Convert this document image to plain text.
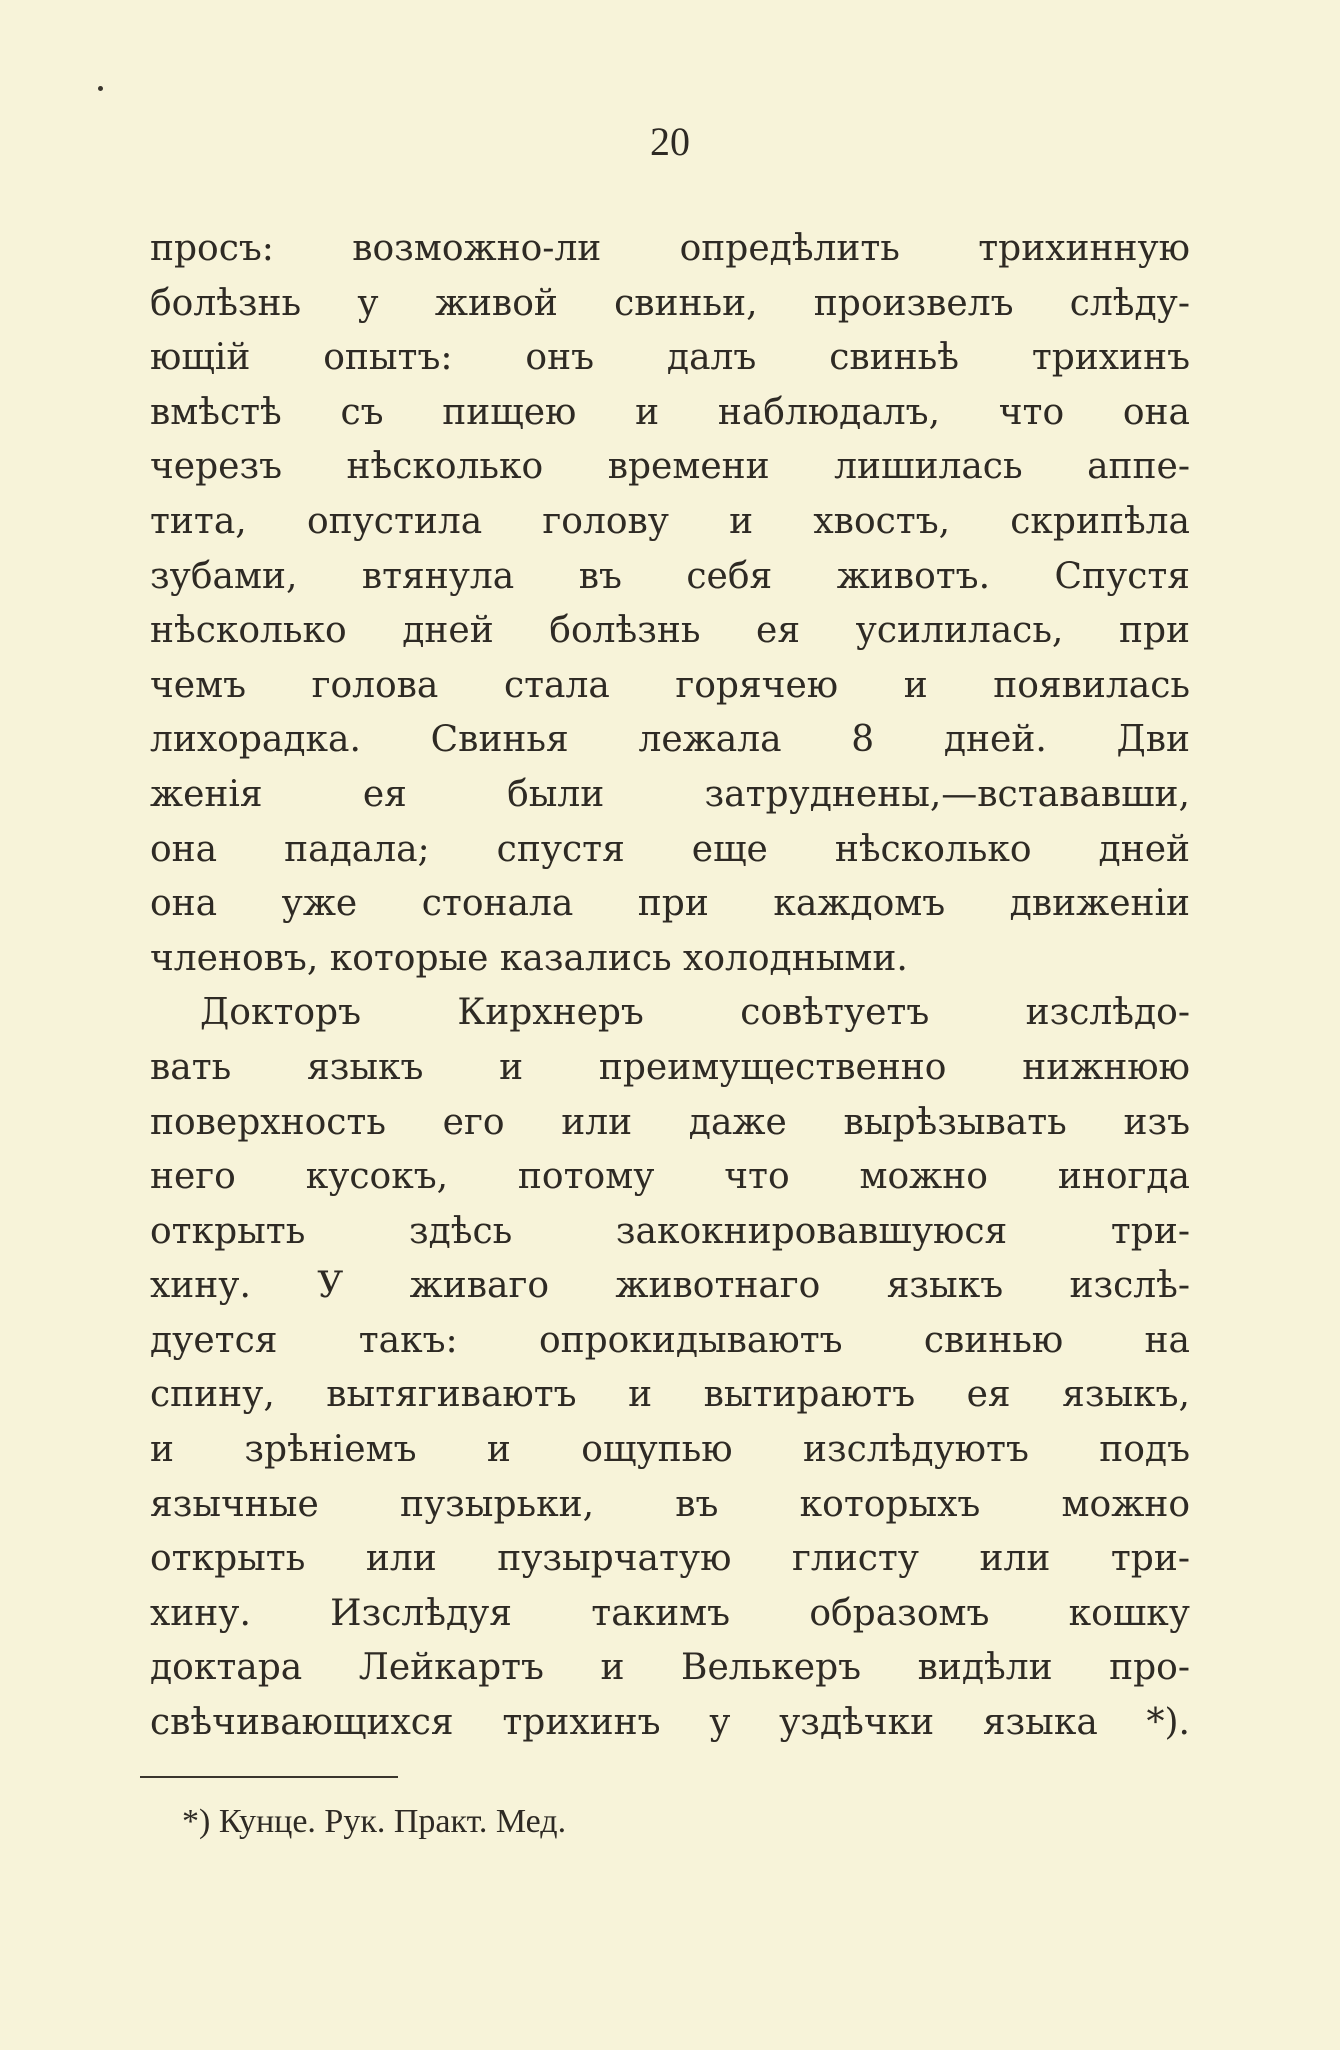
20
просъ: возможно-ли опредѣлить трихинную
болѣзнь у живой свиньи, произвелъ слѣду-
ющій опытъ: онъ далъ свиньѣ трихинъ
вмѣстѣ съ пищею и наблюдалъ, что она
черезъ нѣсколько времени лишилась аппе-
тита, опустила голову и хвостъ, скрипѣла
зубами, втянула въ себя животъ. Спустя
нѣсколько дней болѣзнь ея усилилась, при
чемъ голова стала горячею и появилась
лихорадка. Свинья лежала 8 дней. Дви
женія ея были затруднены,—встававши,
она падала; спустя еще нѣсколько дней
она уже стонала при каждомъ движеніи
членовъ, которые казались холодными.
Докторъ Кирхнеръ совѣтуетъ изслѣдо-
вать языкъ и преимущественно нижнюю
поверхность его или даже вырѣзывать изъ
него кусокъ, потому что можно иногда
открыть здѣсь закокнировавшуюся три-
хину. У живаго животнаго языкъ изслѣ-
дуется такъ: опрокидываютъ свинью на
спину, вытягиваютъ и вытираютъ ея языкъ,
и зрѣніемъ и ощупью изслѣдуютъ подъ
язычные пузырьки, въ которыхъ можно
открыть или пузырчатую глисту или три-
хину. Изслѣдуя такимъ образомъ кошку
доктара Лейкартъ и Велькеръ видѣли про-
свѣчивающихся трихинъ у уздѣчки языка *).
*) Кунце. Рук. Практ. Мед.
